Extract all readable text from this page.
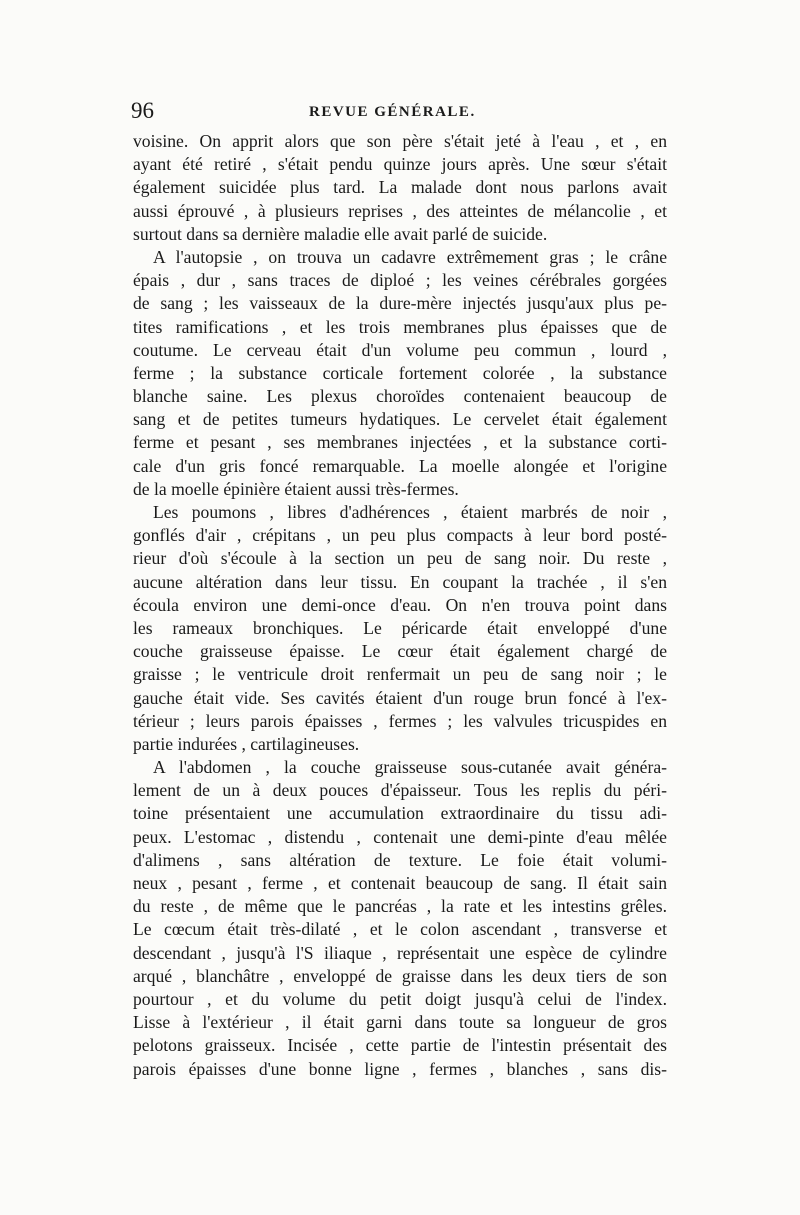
96	REVUE GÉNÉRALE.
voisine. On apprit alors que son père s'était jeté à l'eau , et , en
ayant été retiré , s'était pendu quinze jours après. Une sœur s'était
également suicidée plus tard. La malade dont nous parlons avait
aussi éprouvé , à plusieurs reprises , des atteintes de mélancolie , et
surtout dans sa dernière maladie elle avait parlé de suicide.
A l'autopsie , on trouva un cadavre extrêmement gras ; le crâne
épais , dur , sans traces de diploé ; les veines cérébrales gorgées
de sang ; les vaisseaux de la dure-mère injectés jusqu'aux plus pe-
tites ramifications , et les trois membranes plus épaisses que de
coutume. Le cerveau était d'un volume peu commun , lourd ,
ferme ; la substance corticale fortement colorée , la substance
blanche saine. Les plexus choroïdes contenaient beaucoup de
sang et de petites tumeurs hydatiques. Le cervelet était également
ferme et pesant , ses membranes injectées , et la substance corti-
cale d'un gris foncé remarquable. La moelle alongée et l'origine
de la moelle épinière étaient aussi très-fermes.
Les poumons , libres d'adhérences , étaient marbrés de noir ,
gonflés d'air , crépitans , un peu plus compacts à leur bord posté-
rieur d'où s'écoule à la section un peu de sang noir. Du reste ,
aucune altération dans leur tissu. En coupant la trachée , il s'en
écoula environ une demi-once d'eau. On n'en trouva point dans
les rameaux bronchiques. Le péricarde était enveloppé d'une
couche graisseuse épaisse. Le cœur était également chargé de
graisse ; le ventricule droit renfermait un peu de sang noir ; le
gauche était vide. Ses cavités étaient d'un rouge brun foncé à l'ex-
térieur ; leurs parois épaisses , fermes ; les valvules tricuspides en
partie indurées , cartilagineuses.
A l'abdomen , la couche graisseuse sous-cutanée avait généra-
lement de un à deux pouces d'épaisseur. Tous les replis du péri-
toine présentaient une accumulation extraordinaire du tissu adi-
peux. L'estomac , distendu , contenait une demi-pinte d'eau mêlée
d'alimens , sans altération de texture. Le foie était volumi-
neux , pesant , ferme , et contenait beaucoup de sang. Il était sain
du reste , de même que le pancréas , la rate et les intestins grêles.
Le cœcum était très-dilaté , et le colon ascendant , transverse et
descendant , jusqu'à l'S iliaque , représentait une espèce de cylindre
arqué , blanchâtre , enveloppé de graisse dans les deux tiers de son
pourtour , et du volume du petit doigt jusqu'à celui de l'index.
Lisse à l'extérieur , il était garni dans toute sa longueur de gros
pelotons graisseux. Incisée , cette partie de l'intestin présentait des
parois épaisses d'une bonne ligne , fermes , blanches , sans dis-
